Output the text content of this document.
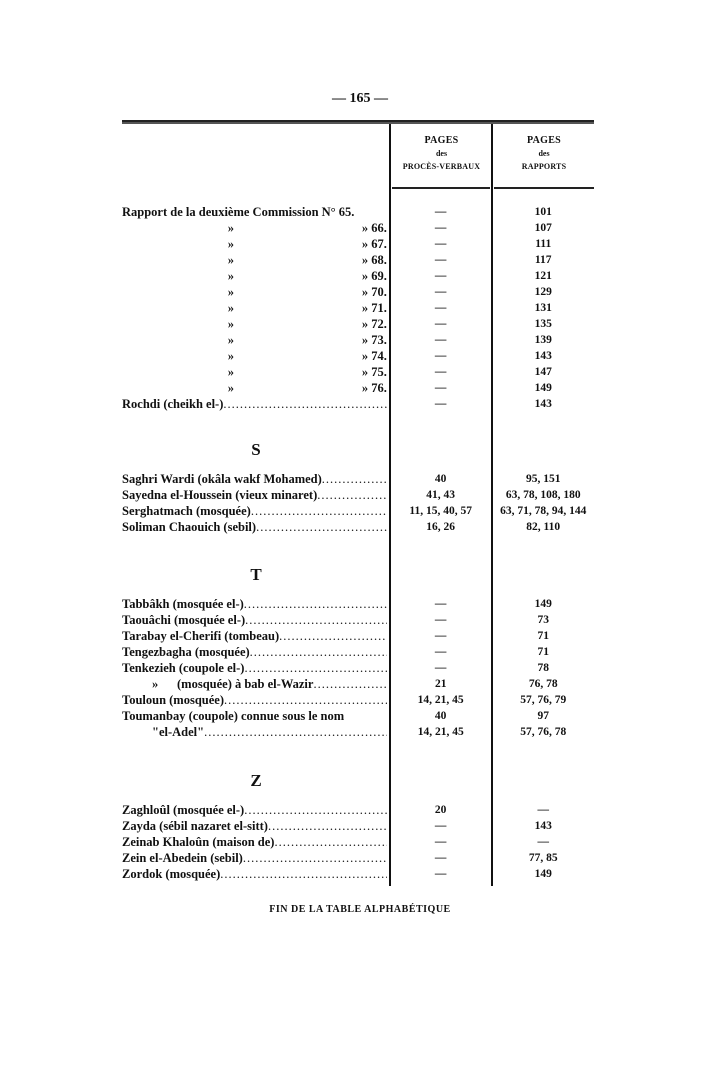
— 165 —
PAGES
des
PROCÈS-VERBAUX
PAGES
des
RAPPORTS
Rapport de la deuxième Commission N° 65.	—	101
»	» 66.	—	107
»	» 67.	—	111
»	» 68.	—	117
»	» 69.	—	121
»	» 70.	—	129
»	» 71.	—	131
»	» 72.	—	135
»	» 73.	—	139
»	» 74.	—	143
»	» 75.	—	147
»	» 76.	—	149
Rochdi (cheikh el-) .....	—	143
S
Saghri Wardi (okâla wakf Mohamed) .....	40	95, 151
Sayedna el-Houssein (vieux minaret) .....	41, 43	63, 78, 108, 180
Serghatmach (mosquée) .....	11, 15, 40, 57	63, 71, 78, 94, 144
Soliman Chaouich (sebil) .....	16, 26	82, 110
T
Tabbâkh (mosquée el-) .....	—	149
Taouâchi (mosquée el-) .....	—	73
Tarabay el-Cherifi (tombeau) .....	—	71
Tengezbagha (mosquée) .....	—	71
Tenkezieh (coupole el-) .....	—	78
»      (mosquée) à bab el-Wazir .....	21	76, 78
Touloun (mosquée) .....	14, 21, 45	57, 76, 79
Toumanbay (coupole) connue sous le nom	40	97
"el-Adel" .....	14, 21, 45	57, 76, 78
Z
Zaghloûl (mosquée el-) .....	20	—
Zayda (sébil nazaret el-sitt) .....	—	143
Zeinab Khaloûn (maison de) .....	—	—
Zein el-Abedein (sebil) .....	—	77, 85
Zordok (mosquée) .....	—	149
FIN DE LA TABLE ALPHABÉTIQUE
